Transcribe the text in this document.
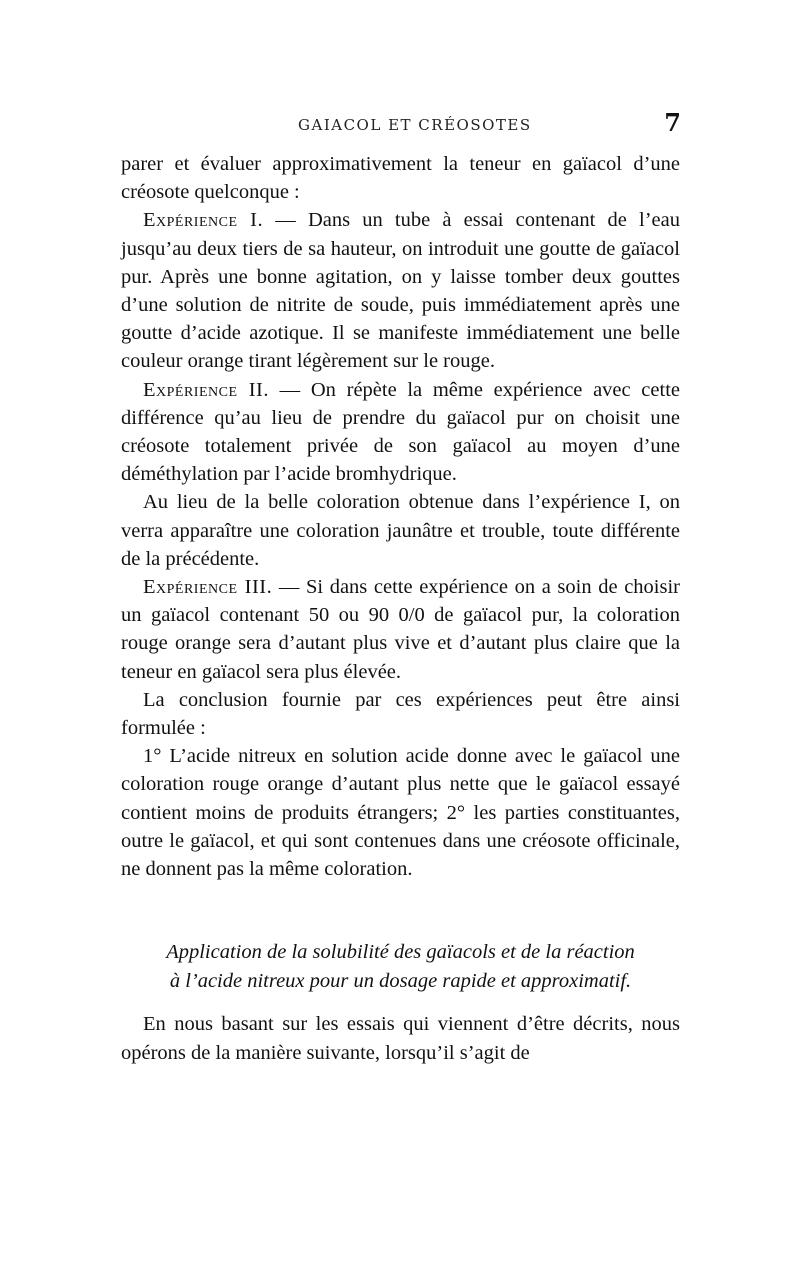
GAIACOL ET CRÉOSOTES	7

parer et évaluer approximativement la teneur en gaïacol d’une créosote quelconque :

Expérience I. — Dans un tube à essai contenant de l’eau jusqu’au deux tiers de sa hauteur, on introduit une goutte de gaïacol pur. Après une bonne agitation, on y laisse tomber deux gouttes d’une solution de nitrite de soude, puis immédiatement après une goutte d’acide azotique. Il se manifeste immédiatement une belle couleur orange tirant légèrement sur le rouge.

Expérience II. — On répète la même expérience avec cette différence qu’au lieu de prendre du gaïacol pur on choisit une créosote totalement privée de son gaïacol au moyen d’une déméthylation par l’acide bromhydrique.

Au lieu de la belle coloration obtenue dans l’expérience I, on verra apparaître une coloration jaunâtre et trouble, toute différente de la précédente.

Expérience III. — Si dans cette expérience on a soin de choisir un gaïacol contenant 50 ou 90 0/0 de gaïacol pur, la coloration rouge orange sera d’autant plus vive et d’autant plus claire que la teneur en gaïacol sera plus élevée.

La conclusion fournie par ces expériences peut être ainsi formulée :

1° L’acide nitreux en solution acide donne avec le gaïacol une coloration rouge orange d’autant plus nette que le gaïacol essayé contient moins de produits étrangers; 2° les parties constituantes, outre le gaïacol, et qui sont contenues dans une créosote officinale, ne donnent pas la même coloration.

Application de la solubilité des gaïacols et de la réaction
à l’acide nitreux pour un dosage rapide et approximatif.

En nous basant sur les essais qui viennent d’être décrits, nous opérons de la manière suivante, lorsqu’il s’agit de
